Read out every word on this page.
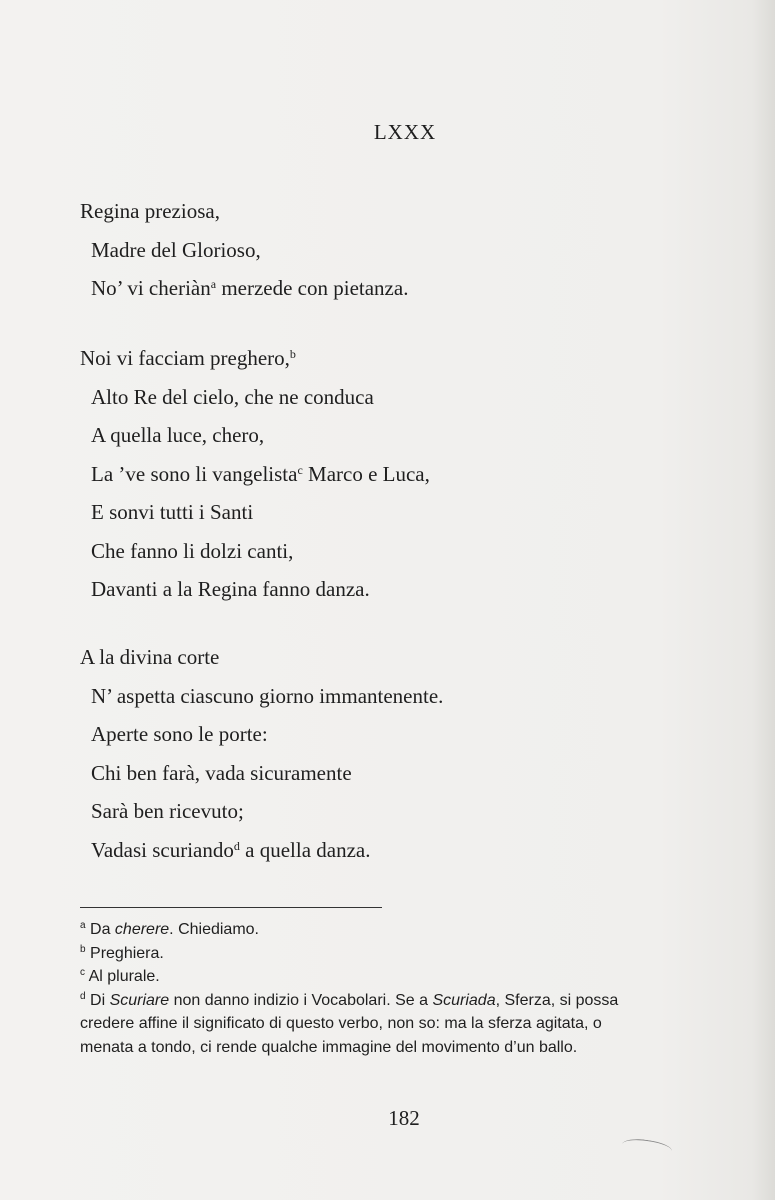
LXXX
Regina preziosa,
Madre del Glorioso,
No’ vi cheriàn$^a$ merzede con pietanza.
Noi vi facciam preghero,$^b$
Alto Re del cielo, che ne conduca
A quella luce, chero,
La ’ve sono li vangelista$^c$ Marco e Luca,
E sonvi tutti i Santi
Che fanno li dolzi canti,
Davanti a la Regina fanno danza.
A la divina corte
N’ aspetta ciascuno giorno immantenente.
Aperte sono le porte:
Chi ben farà, vada sicuramente
Sarà ben ricevuto;
Vadasi scuriando$^d$ a quella danza.
$^a$ Da cherere. Chiediamo.
$^b$ Preghiera.
$^c$ Al plurale.
$^d$ Di Scuriare non danno indizio i Vocabolari. Se a Scuriada, Sferza, si possa
credere affine il significato di questo verbo, non so: ma la sferza agitata, o
menata a tondo, ci rende qualche immagine del movimento d’un ballo.
182
